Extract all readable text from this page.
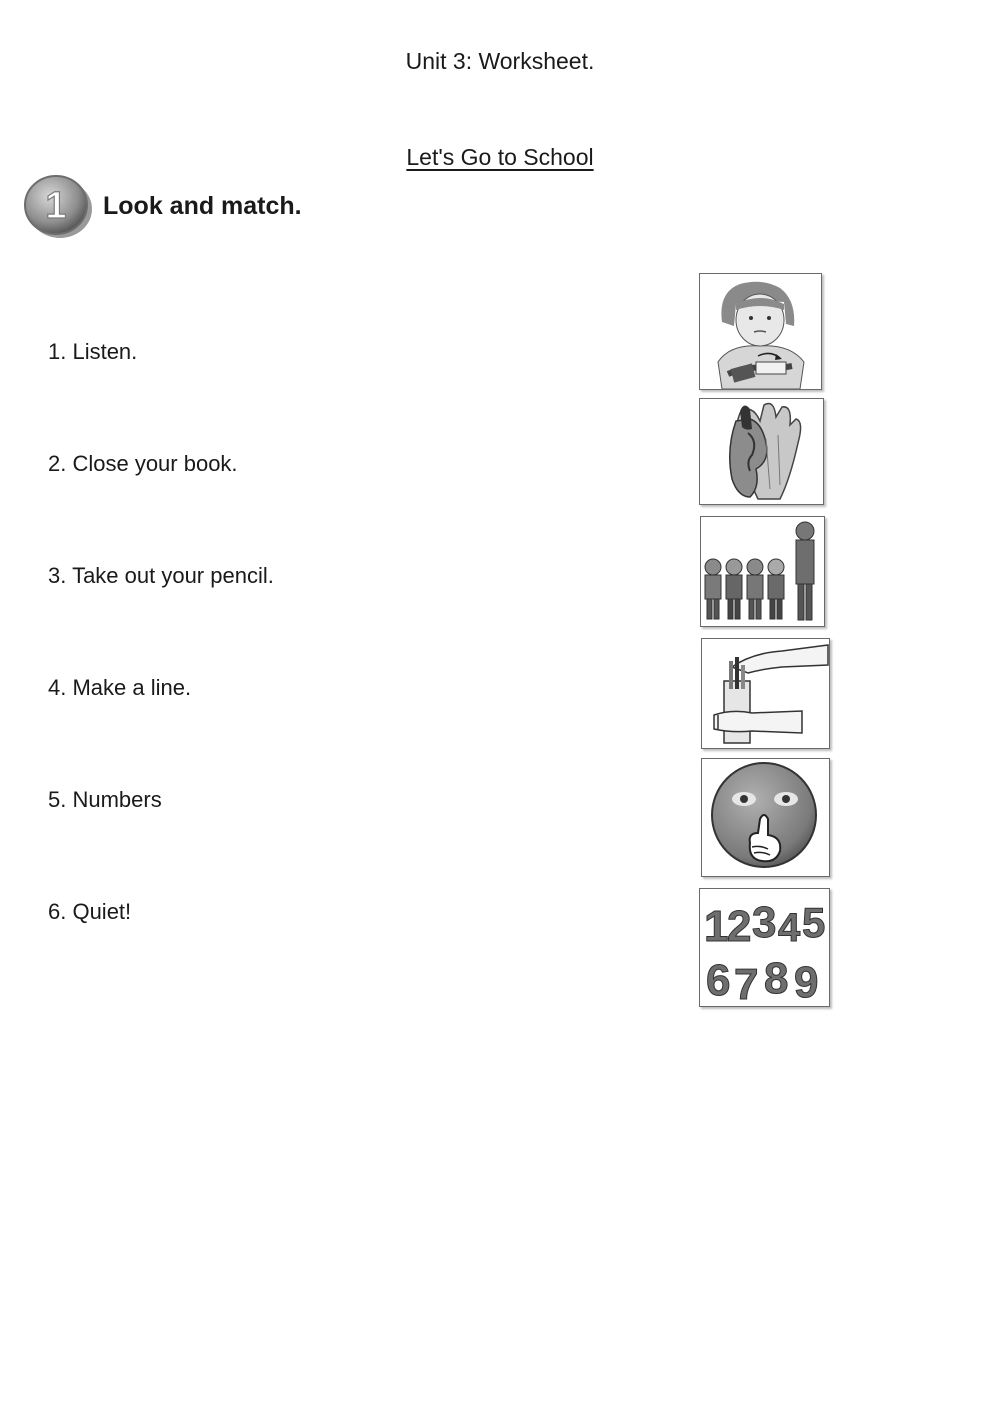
Unit 3: Worksheet.
Let's Go to School
1 Look and match.
1. Listen.
2. Close your book.
3. Take out your pencil.
4. Make a line.
5. Numbers
6. Quiet!	1
2 3 4 5
6 7 8 9
